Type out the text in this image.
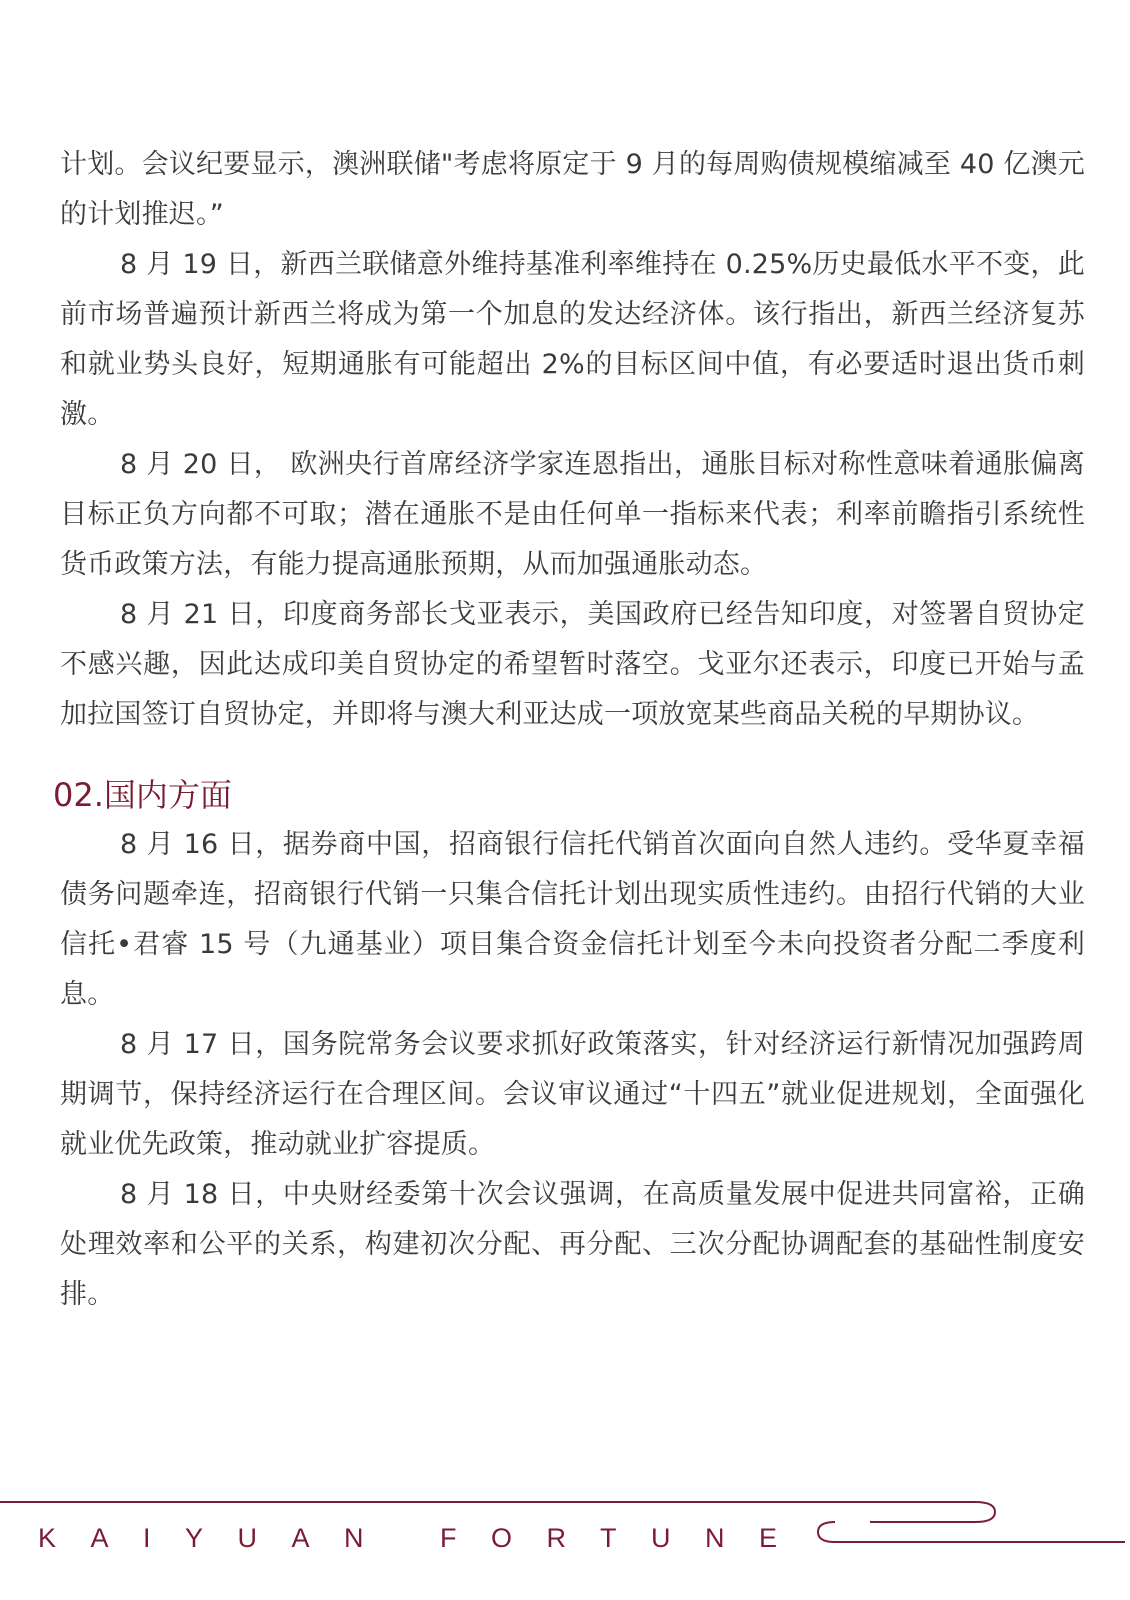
计划。会议纪要显示，澳洲联储"考虑将原定于 9 月的每周购债规模缩减至 40 亿澳元的计划推迟。”

8 月 19 日，新西兰联储意外维持基准利率维持在 0.25%历史最低水平不变，此前市场普遍预计新西兰将成为第一个加息的发达经济体。该行指出，新西兰经济复苏和就业势头良好，短期通胀有可能超出 2%的目标区间中值，有必要适时退出货币刺激。

8 月 20 日， 欧洲央行首席经济学家连恩指出，通胀目标对称性意味着通胀偏离目标正负方向都不可取；潜在通胀不是由任何单一指标来代表；利率前瞻指引系统性货币政策方法，有能力提高通胀预期，从而加强通胀动态。

8 月 21 日，印度商务部长戈亚表示，美国政府已经告知印度，对签署自贸协定不感兴趣，因此达成印美自贸协定的希望暂时落空。戈亚尔还表示，印度已开始与孟加拉国签订自贸协定，并即将与澳大利亚达成一项放宽某些商品关税的早期协议。

02.国内方面

8 月 16 日，据券商中国，招商银行信托代销首次面向自然人违约。受华夏幸福债务问题牵连，招商银行代销一只集合信托计划出现实质性违约。由招行代销的大业信托•君睿 15 号（九通基业）项目集合资金信托计划至今未向投资者分配二季度利息。

8 月 17 日，国务院常务会议要求抓好政策落实，针对经济运行新情况加强跨周期调节，保持经济运行在合理区间。会议审议通过“十四五”就业促进规划，全面强化就业优先政策，推动就业扩容提质。

8 月 18 日，中央财经委第十次会议强调，在高质量发展中促进共同富裕，正确处理效率和公平的关系，构建初次分配、再分配、三次分配协调配套的基础性制度安排。

KAIYUAN FORTUNE
